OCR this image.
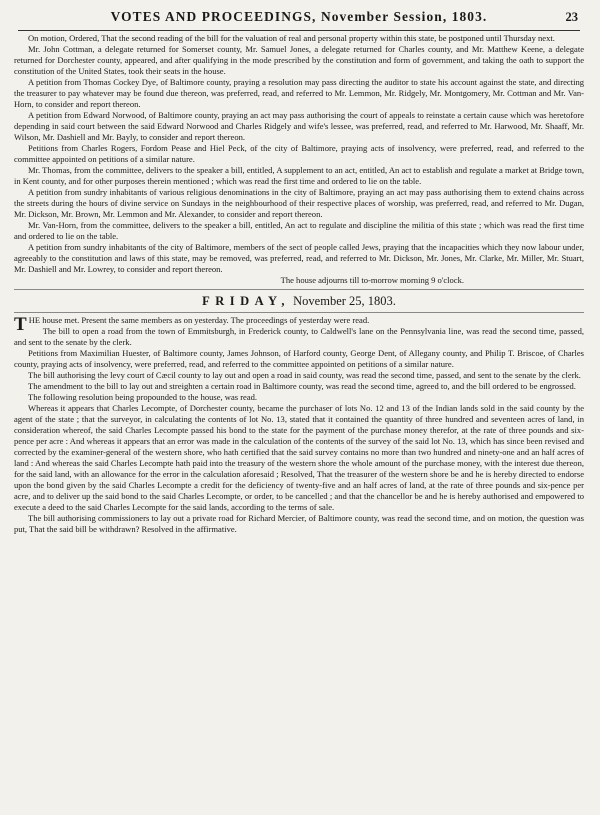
VOTES AND PROCEEDINGS, November Session, 1803.	23

On motion, Ordered, That the second reading of the bill for the valuation of real and personal property within this state, be postponed until Thursday next.

Mr. John Cottman, a delegate returned for Somerset county, Mr. Samuel Jones, a delegate returned for Charles county, and Mr. Matthew Keene, a delegate returned for Dorchester county, appeared, and after qualifying in the mode prescribed by the constitution and form of government, and taking the oath to support the constitution of the United States, took their seats in the house.

A petition from Thomas Cockey Dye, of Baltimore county, praying a resolution may pass directing the auditor to state his account against the state, and directing the treasurer to pay whatever may be found due thereon, was preferred, read, and referred to Mr. Lemmon, Mr. Ridgely, Mr. Montgomery, Mr. Cottman and Mr. Van-Horn, to consider and report thereon.

A petition from Edward Norwood, of Baltimore county, praying an act may pass authorising the court of appeals to reinstate a certain cause which was heretofore depending in said court between the said Edward Norwood and Charles Ridgely and wife's lessee, was preferred, read, and referred to Mr. Harwood, Mr. Shaaff, Mr. Wilson, Mr. Dashiell and Mr. Bayly, to consider and report thereon.

Petitions from Charles Rogers, Fordom Pease and Hiel Peck, of the city of Baltimore, praying acts of insolvency, were preferred, read, and referred to the committee appointed on petitions of a similar nature.

Mr. Thomas, from the committee, delivers to the speaker a bill, entitled, A supplement to an act, entitled, An act to establish and regulate a market at Bridge town, in Kent county, and for other purposes therein mentioned ; which was read the first time and ordered to lie on the table.

A petition from sundry inhabitants of various religious denominations in the city of Baltimore, praying an act may pass authorising them to extend chains across the streets during the hours of divine service on Sundays in the neighbourhood of their respective places of worship, was preferred, read, and referred to Mr. Dugan, Mr. Dickson, Mr. Brown, Mr. Lemmon and Mr. Alexander, to consider and report thereon.

Mr. Van-Horn, from the committee, delivers to the speaker a bill, entitled, An act to regulate and discipline the militia of this state ; which was read the first time and ordered to lie on the table.

A petition from sundry inhabitants of the city of Baltimore, members of the sect of people called Jews, praying that the incapacities which they now labour under, agreeably to the constitution and laws of this state, may be removed, was preferred, read, and referred to Mr. Dickson, Mr. Jones, Mr. Clarke, Mr. Miller, Mr. Stuart, Mr. Dashiell and Mr. Lowrey, to consider and report thereon.

The house adjourns till to-morrow morning 9 o'clock.

FRIDAY, November 25, 1803.

THE house met. Present the same members as on yesterday. The proceedings of yesterday were read.

The bill to open a road from the town of Emmitsburgh, in Frederick county, to Caldwell's lane on the Pennsylvania line, was read the second time, passed, and sent to the senate by the clerk.

Petitions from Maximilian Huester, of Baltimore county, James Johnson, of Harford county, George Dent, of Allegany county, and Philip T. Briscoe, of Charles county, praying acts of insolvency, were preferred, read, and referred to the committee appointed on petitions of a similar nature.

The bill authorising the levy court of Cæcil county to lay out and open a road in said county, was read the second time, passed, and sent to the senate by the clerk.

The amendment to the bill to lay out and streighten a certain road in Baltimore county, was read the second time, agreed to, and the bill ordered to be engrossed.

The following resolution being propounded to the house, was read.

Whereas it appears that Charles Lecompte, of Dorchester county, became the purchaser of lots No. 12 and 13 of the Indian lands sold in the said county by the agent of the state ; that the surveyor, in calculating the contents of lot No. 13, stated that it contained the quantity of three hundred and seventeen acres of land, in consideration whereof, the said Charles Lecompte passed his bond to the state for the payment of the purchase money therefor, at the rate of three pounds and six-pence per acre : And whereas it appears that an error was made in the calculation of the contents of the survey of the said lot No. 13, which has since been revised and corrected by the examiner-general of the western shore, who hath certified that the said survey contains no more than two hundred and ninety-one and an half acres of land : And whereas the said Charles Lecompte hath paid into the treasury of the western shore the whole amount of the purchase money, with the interest due thereon, for the said land, with an allowance for the error in the calculation aforesaid ; Resolved, That the treasurer of the western shore be and he is hereby directed to endorse upon the bond given by the said Charles Lecompte a credit for the deficiency of twenty-five and an half acres of land, at the rate of three pounds and six-pence per acre, and to deliver up the said bond to the said Charles Lecompte, or order, to be cancelled ; and that the chancellor be and he is hereby authorised and empowered to execute a deed to the said Charles Lecompte for the said lands, according to the terms of sale.

The bill authorising commissioners to lay out a private road for Richard Mercier, of Baltimore county, was read the second time, and on motion, the question was put, That the said bill be withdrawn? Resolved in the affirmative.
